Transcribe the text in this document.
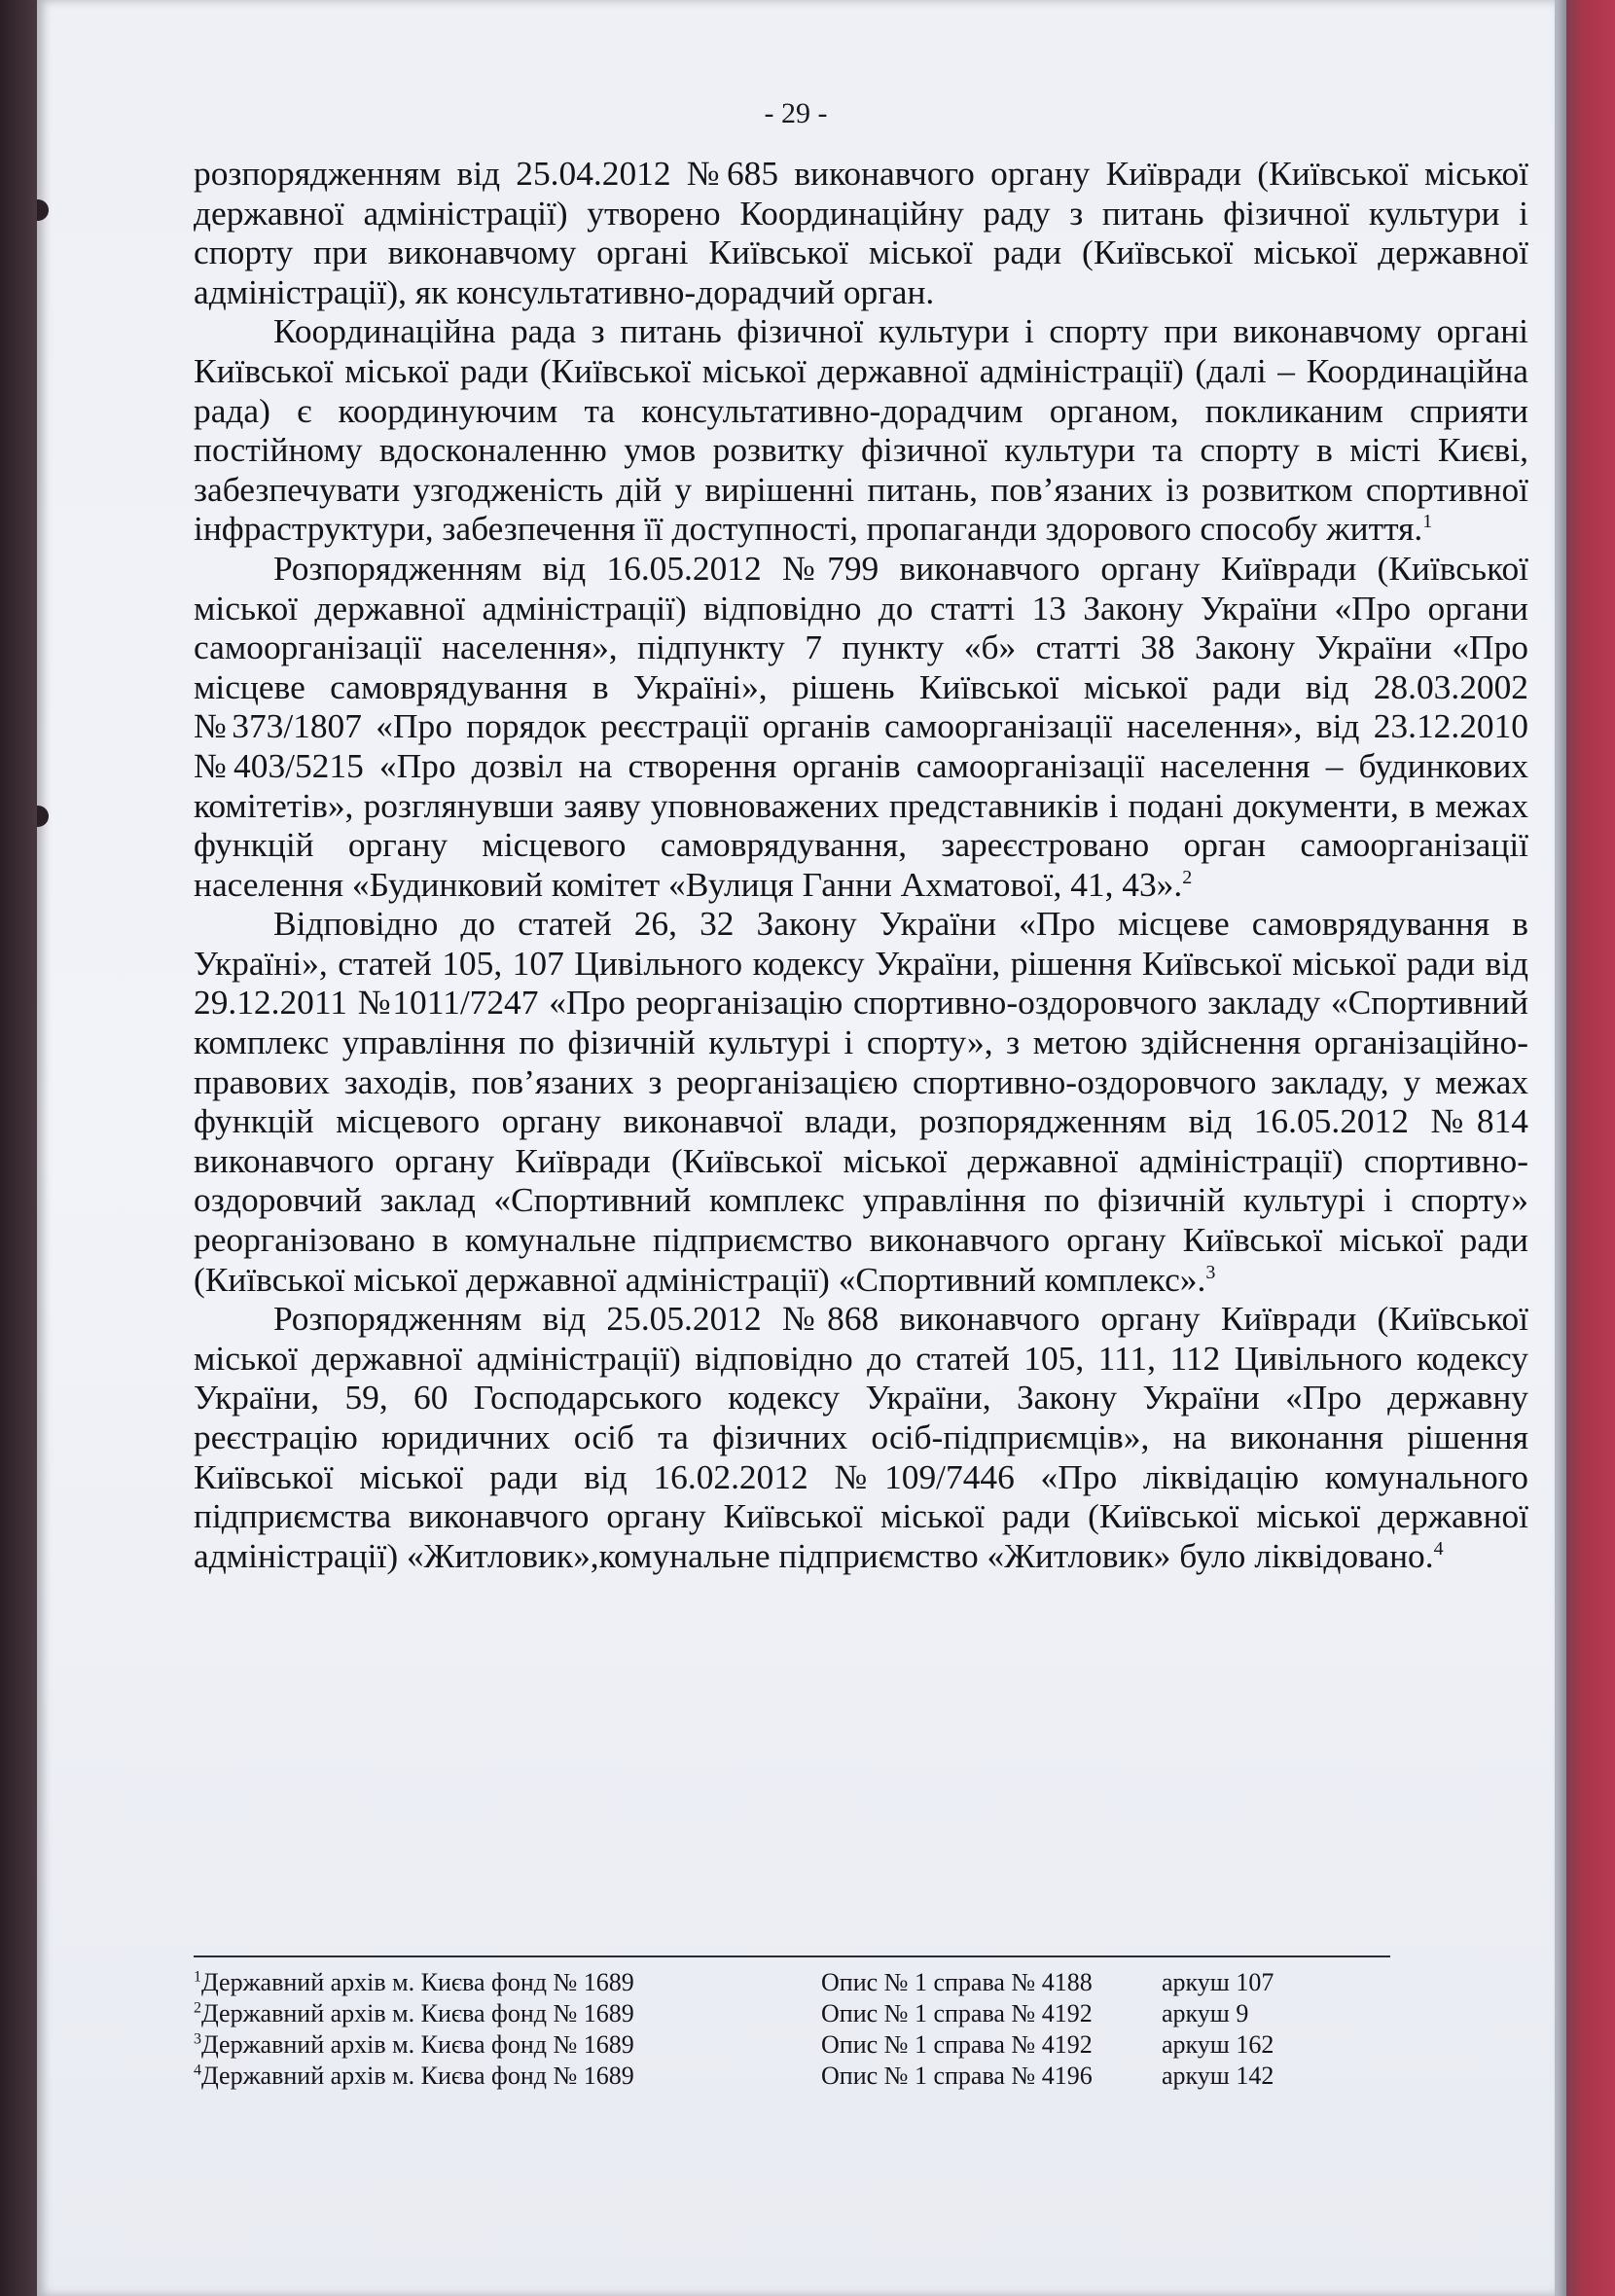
- 29 -

розпорядженням від 25.04.2012 №685 виконавчого органу Київради (Київської міської державної адміністрації) утворено Координаційну раду з питань фізичної культури і спорту при виконавчому органі Київської міської ради (Київської міської державної адміністрації), як консультативно-дорадчий орган.

Координаційна рада з питань фізичної культури і спорту при виконавчому органі Київської міської ради (Київської міської державної адміністрації) (далі – Координаційна рада) є координуючим та консультативно-дорадчим органом, покликаним сприяти постійному вдосконаленню умов розвитку фізичної культури та спорту в місті Києві, забезпечувати узгодженість дій у вирішенні питань, пов’язаних із розвитком спортивної інфраструктури, забезпечення її доступності, пропаганди здорового способу життя.$^1$

Розпорядженням від 16.05.2012 №799 виконавчого органу Київради (Київської міської державної адміністрації) відповідно до статті 13 Закону України «Про органи самоорганізації населення», підпункту 7 пункту «б» статті 38 Закону України «Про місцеве самоврядування в Україні», рішень Київської міської ради від 28.03.2002 №373/1807 «Про порядок реєстрації органів самоорганізації населення», від 23.12.2010 №403/5215 «Про дозвіл на створення органів самоорганізації населення – будинкових комітетів», розглянувши заяву уповноважених представників і подані документи, в межах функцій органу місцевого самоврядування, зареєстровано орган самоорганізації населення «Будинковий комітет «Вулиця Ганни Ахматової, 41, 43».$^2$

Відповідно до статей 26, 32 Закону України «Про місцеве самоврядування в Україні», статей 105, 107 Цивільного кодексу України, рішення Київської міської ради від 29.12.2011 №1011/7247 «Про реорганізацію спортивно-оздоровчого закладу «Спортивний комплекс управління по фізичній культурі і спорту», з метою здійснення організаційно-правових заходів, пов’язаних з реорганізацією спортивно-оздоровчого закладу, у межах функцій місцевого органу виконавчої влади, розпорядженням від 16.05.2012 №814 виконавчого органу Київради (Київської міської державної адміністрації) спортивно-оздоровчий заклад «Спортивний комплекс управління по фізичній культурі і спорту» реорганізовано в комунальне підприємство виконавчого органу Київської міської ради (Київської міської державної адміністрації) «Спортивний комплекс».$^3$

Розпорядженням від 25.05.2012 №868 виконавчого органу Київради (Київської міської державної адміністрації) відповідно до статей 105, 111, 112 Цивільного кодексу України, 59, 60 Господарського кодексу України, Закону України «Про державну реєстрацію юридичних осіб та фізичних осіб-підприємців», на виконання рішення Київської міської ради від 16.02.2012 №109/7446 «Про ліквідацію комунального підприємства виконавчого органу Київської міської ради (Київської міської державної адміністрації) «Житловик»,комунальне підприємство «Житловик» було ліквідовано.$^4$

$^1$Державний архів м. Києва фонд № 1689	Опис № 1 справа № 4188	аркуш 107
$^2$Державний архів м. Києва фонд № 1689	Опис № 1 справа № 4192	аркуш 9
$^3$Державний архів м. Києва фонд № 1689	Опис № 1 справа № 4192	аркуш 162
$^4$Державний архів м. Києва фонд № 1689	Опис № 1 справа № 4196	аркуш 142
